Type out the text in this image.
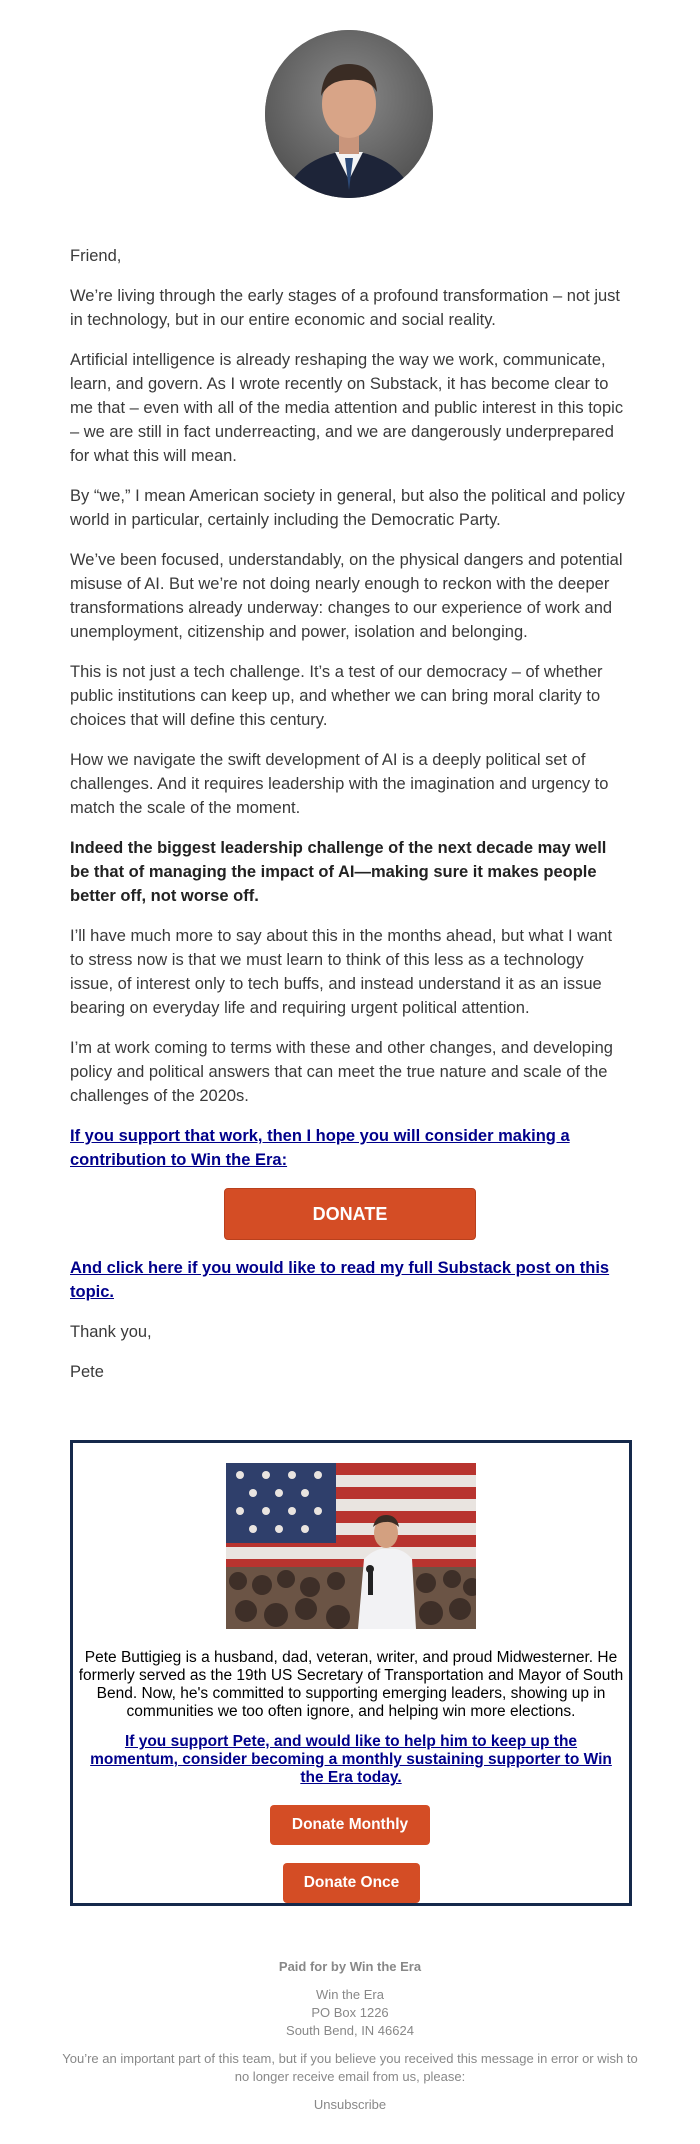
Friend,

We’re living through the early stages of a profound transformation – not just in technology, but in our entire economic and social reality.

Artificial intelligence is already reshaping the way we work, communicate, learn, and govern. As I wrote recently on Substack, it has become clear to me that – even with all of the media attention and public interest in this topic – we are still in fact underreacting, and we are dangerously underprepared for what this will mean.

By “we,” I mean American society in general, but also the political and policy world in particular, certainly including the Democratic Party.

We’ve been focused, understandably, on the physical dangers and potential misuse of AI. But we’re not doing nearly enough to reckon with the deeper transformations already underway: changes to our experience of work and unemployment, citizenship and power, isolation and belonging.

This is not just a tech challenge. It’s a test of our democracy – of whether public institutions can keep up, and whether we can bring moral clarity to choices that will define this century.

How we navigate the swift development of AI is a deeply political set of challenges. And it requires leadership with the imagination and urgency to match the scale of the moment.

Indeed the biggest leadership challenge of the next decade may well be that of managing the impact of AI—making sure it makes people better off, not worse off.

I’ll have much more to say about this in the months ahead, but what I want to stress now is that we must learn to think of this less as a technology issue, of interest only to tech buffs, and instead understand it as an issue bearing on everyday life and requiring urgent political attention.

I’m at work coming to terms with these and other changes, and developing policy and political answers that can meet the true nature and scale of the challenges of the 2020s.

If you support that work, then I hope you will consider making a contribution to Win the Era:

DONATE

And click here if you would like to read my full Substack post on this topic.

Thank you,

Pete

Pete Buttigieg is a husband, dad, veteran, writer, and proud Midwesterner. He formerly served as the 19th US Secretary of Transportation and Mayor of South Bend. Now, he's committed to supporting emerging leaders, showing up in communities we too often ignore, and helping win more elections.
If you support Pete, and would like to help him to keep up the momentum, consider becoming a monthly sustaining supporter to Win the Era today.
Donate Monthly
Donate Once
Paid for by Win the Era
Win the Era
PO Box 1226
South Bend, IN 46624
You’re an important part of this team, but if you believe you received this message in error or wish to no longer receive email from us, please:
Unsubscribe
